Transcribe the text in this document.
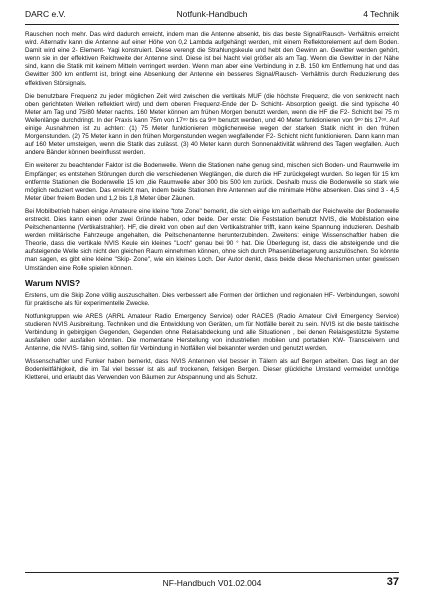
DARC e.V.	Notfunk-Handbuch	4 Technik

Rauschen noch mehr. Das wird dadurch erreicht, indem man die Antenne absenkt, bis das beste Signal/Rausch- Verhältnis erreicht wird. Alternativ kann die Antenne auf einer Höhe von 0,2 Lambda aufgehängt werden, mit einem Reflektorelement auf dem Boden. Damit wird eine 2- Element- Yagi konstruiert. Diese verengt die Strahlungskeule und hebt den Gewinn an. Gewitter werden gehört, wenn sie in der effektiven Reichweite der Antenne sind. Diese ist bei Nacht viel größer als am Tag. Wenn die Gewitter in der Nähe sind, kann die Statik mit keinem Mitteln verringert werden. Wenn man aber eine Verbindung in z.B. 150 km Entfernung hat und das Gewitter 300 km entfernt ist, bringt eine Absenkung der Antenne ein besseres Signal/Rausch- Verhältnis durch Reduzierung des effektiven Störsignals.

Die benutzbare Frequenz zu jeder möglichen Zeit wird zwischen die vertikals MUF (die höchste Frequenz, die von senkrecht nach oben gerichteten Wellen reflektiert wird) und dem oberen Frequenz-Ende der D- Schicht- Absorption geeigt. die sind typische 40 Meter am Tag und 75/80 Meter nachts. 160 Meter können am frühen Morgen benutzt werden, wenn die HF die F2- Schicht bei 75 m Wellenlänge durchdringt. In der Praxis kann 75m von 17ᵒᵒ bis ca 9ᵒᵒ benutzt werden, und 40 Meter funktionieren von 9ᵒᵒ bis 17ᵒᵒ. Auf einige Ausnahmen ist zu achten: (1) 75 Meter funktionieren möglicherweise wegen der starken Statik nicht in den frühen Morgenstunden. (2) 75 Meter kann in den frühen Morgenstunden wegen wegfallender F2- Schicht nicht funktionieren. Dann kann man auf 160 Meter umsteigen, wenn die Statik das zulässt. (3) 40 Meter kann durch Sonnenaktivität während des Tagen wegfallen. Auch andere Bänder können beeinflusst werden.

Ein weiterer zu beachtender Faktor ist die Bodenwelle. Wenn die Stationen nahe genug sind, mischen sich Boden- und Raumwelle im Empfänger; es entstehen Störungen durch die verschiedenen Weglängen, die durch die HF zurückgelegt wurden. So legen für 15 km entfernte Stationen die Bodenwelle 15 km ‚die Raumwelle aber 300 bis 500 km zurück. Deshalb muss die Bodenwelle so stark wie möglich reduziert werden. Das erreicht man, indem beide Stationen ihre Antennen auf die minimale Höhe absenken. Das sind 3 - 4,5 Meter über freiem Boden und 1,2 bis 1,8 Meter über Zäunen.

Bei Mobilbetrieb haben einige Amateure eine kleine "tote Zone" bemerkt, die sich einige km außerhalb der Reichweite der Bodenwelle erstreckt. Dies kann einen oder zwei Gründe haben, oder beide. Der erste: Die Feststation benutzt NVIS, die Mobilstation eine Peitschenantenne (Vertikalstrahler). HF, die direkt von oben auf den Vertikalstrahler trifft, kann keine Spannung induzieren. Deshalb werden militärische Fahrzeuge angehalten, die Peitschenantenne herunterzubinden. Zweitens: einige Wissenschaftler haben die Theorie, dass die vertikale NVIS Keule ein kleines "Loch" genau bei 90 ° hat. Die Überlegung ist, dass die absteigende und die aufsteigende Welle sich nicht den gleichen Raum einnehmen können, ohne sich durch Phasenüberlagerung auszulöschen. So könnte man sagen, es gibt eine kleine "Skip- Zone", wie ein kleines Loch. Der Autor denkt, dass beide diese Mechanismen unter gewissen Umständen eine Rolle spielen können.

Warum NVIS?

Erstens, um die Skip Zone völlig auszuschalten. Dies verbessert alle Formen der örtlichen und regionalen HF- Verbindungen, sowohl für praktische als für experimentelle Zwecke.

Notfunkgruppen wie ARES (ARRL Amateur Radio Emergency Service) oder RACES (Radio Amateur Civil Emergency Service) studieren NVIS Ausbreitung. Techniken und die Entwicklung von Geräten, um für Notfälle bereit zu sein. NVIS ist die beste taktische Verbindung in gebirgigen Gegenden, Gegenden ohne Relaisabdeckung und alle Situationen , bei denen Relaisgestützte Systeme ausfallen oder ausfallen könnten. Die momentane Herstellung von industriellen mobilen und portablen KW- Transceivern und Antenne, die NVIS- fähig sind, sollten für Verbindung in Notfällen viel bekannter werden und genutzt werden.

Wissenschaftler und Funker haben bemerkt, dass NVIS Antennen viel besser in Tälern als auf Bergen arbeiten. Das liegt an der Bodenleitfähigkeit, die im Tal viel besser ist als auf trockenen, felsigen Bergen. Dieser glückliche Umstand vermeidet unnötige Kletterei, und erlaubt das Verwenden von Bäumen zur Abspannung und als Schutz.

NF-Handbuch V01.02.004	37
